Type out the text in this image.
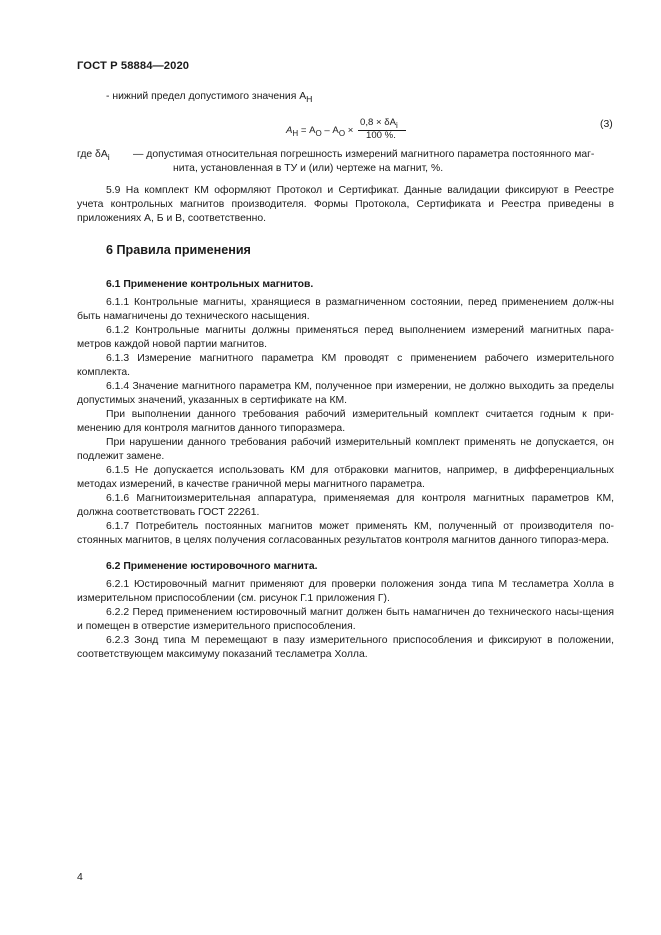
ГОСТ Р 58884—2020
- нижний предел допустимого значения $A_Н$
$A_Н = A_О - A_О$ ×
$0,8 \times \delta A_i$
100 %.
(3)
где $\delta A_i$ — допустимая относительная погрешность измерений магнитного параметра постоянного маг-
нита, установленная в ТУ и (или) чертеже на магнит, %.

5.9 На комплект КМ оформляют Протокол и Сертификат. Данные валидации фиксируют в Реестре учета контрольных магнитов производителя. Формы Протокола, Сертификата и Реестра приведены в приложениях А, Б и В, соответственно.

6 Правила применения
6.1 Применение контрольных магнитов.

6.1.1 Контрольные магниты, хранящиеся в размагниченном состоянии, перед применением долж-ны быть намагничены до технического насыщения.

6.1.2 Контрольные магниты должны применяться перед выполнением измерений магнитных пара-метров каждой новой партии магнитов.

6.1.3 Измерение магнитного параметра КМ проводят с применением рабочего измерительного комплекта.

6.1.4 Значение магнитного параметра КМ, полученное при измерении, не должно выходить за пределы допустимых значений, указанных в сертификате на КМ.

При выполнении данного требования рабочий измерительный комплект считается годным к при-менению для контроля магнитов данного типоразмера.

При нарушении данного требования рабочий измерительный комплект применять не допускается, он подлежит замене.

6.1.5 Не допускается использовать КМ для отбраковки магнитов, например, в дифференциальных методах измерений, в качестве граничной меры магнитного параметра.

6.1.6 Магнитоизмерительная аппаратура, применяемая для контроля магнитных параметров КМ, должна соответствовать ГОСТ 22261.

6.1.7 Потребитель постоянных магнитов может применять КМ, полученный от производителя по-стоянных магнитов, в целях получения согласованных результатов контроля магнитов данного типораз-мера.

6.2 Применение юстировочного магнита.

6.2.1 Юстировочный магнит применяют для проверки положения зонда типа М тесламетра Холла в измерительном приспособлении (см. рисунок Г.1 приложения Г).

6.2.2 Перед применением юстировочный магнит должен быть намагничен до технического насы-щения и помещен в отверстие измерительного приспособления.

6.2.3 Зонд типа М перемещают в пазу измерительного приспособления и фиксируют в положении, соответствующем максимуму показаний тесламетра Холла.

4
